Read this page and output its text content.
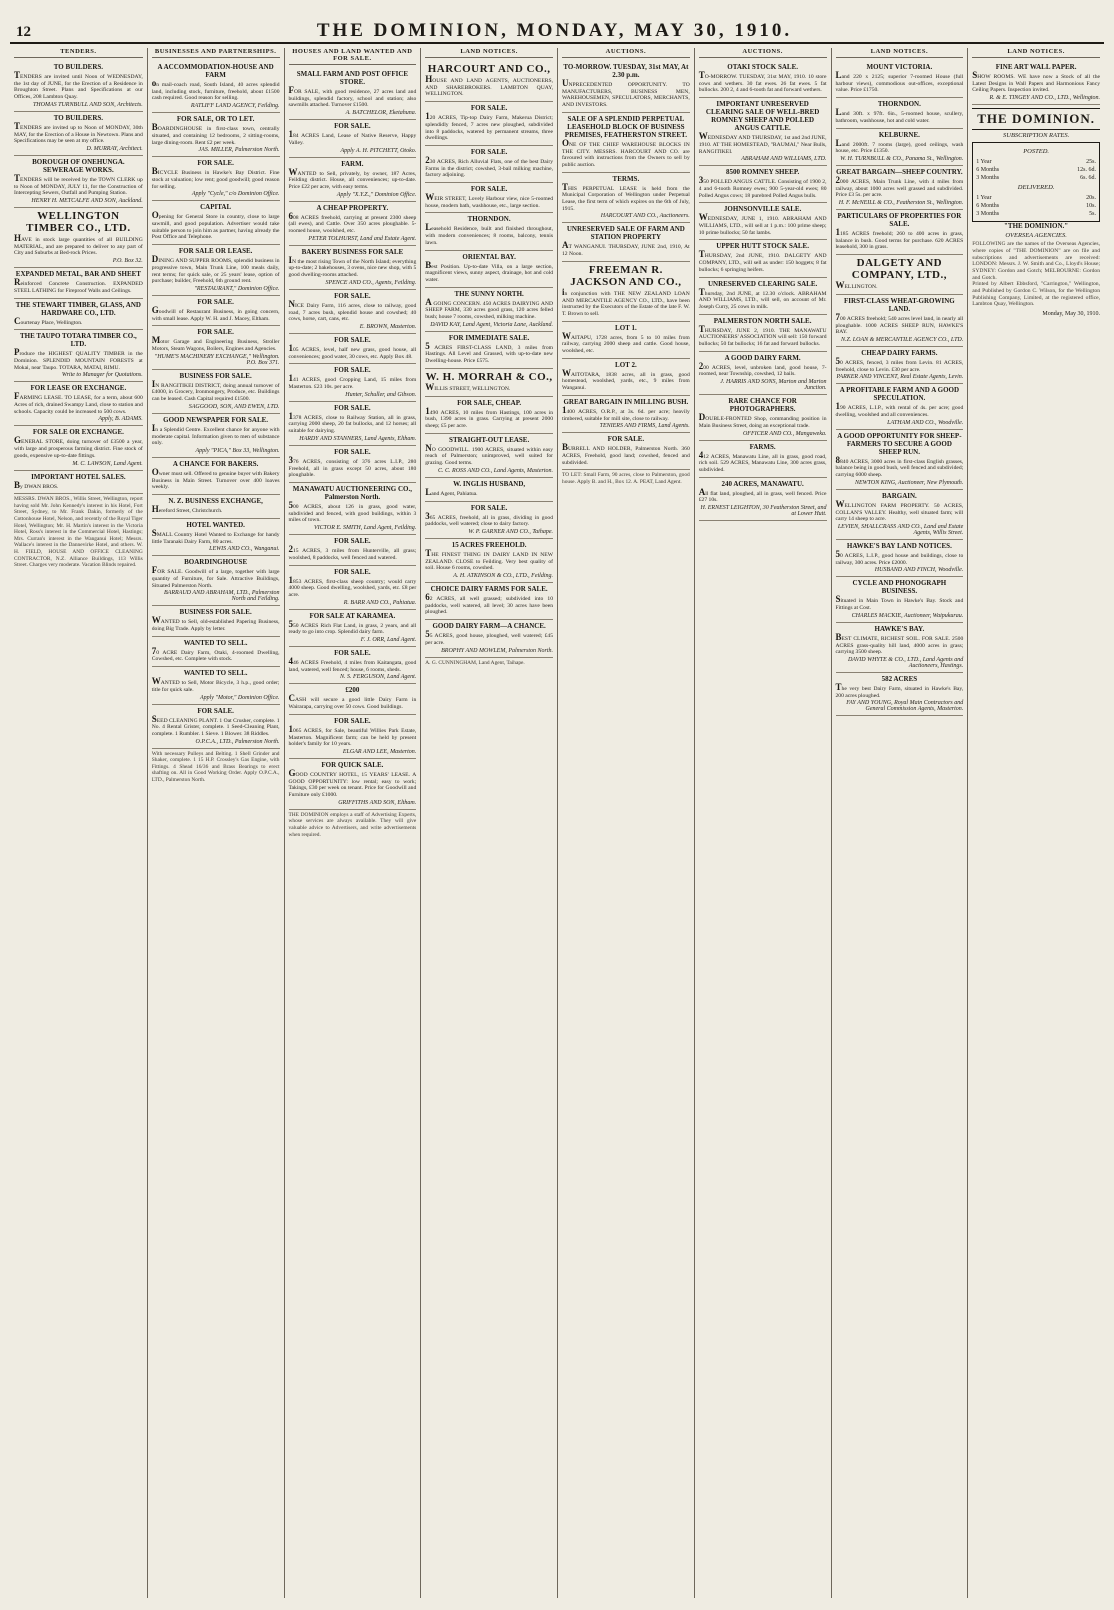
12	THE DOMINION, MONDAY, MAY 30, 1910.
TENDERS.
TO BUILDERS.
TENDERS are invited until Noon of WEDNESDAY, the 1st day of JUNE, for the Erection of a Residence in Broughton Street. Plans and Specifications at our Offices, 208 Lambton Quay.
THOMAS TURNBULL AND SON, Architects.
TO BUILDERS.
TENDERS are invited up to Noon of MONDAY, 30th MAY, for the Erection of a House in Newtown. Plans and Specifications may be seen at my office.
D. MURRAY, Architect.
BOROUGH OF ONEHUNGA. SEWERAGE WORKS.
TENDERS will be received by the TOWN CLERK up to Noon of MONDAY, JULY 11, for the Construction of Intercepting Sewers, Outfall and Pumping Station.
HENRY H. METCALFE AND SON, Auckland.
WELLINGTON TIMBER CO., LTD.
HAVE in stock large quantities of all BUILDING MATERIAL, and are prepared to deliver to any part of City and Suburbs at Bed-rock Prices.
P.O. Box 32.
EXPANDED METAL, BAR AND SHEET
Reinforced Concrete Construction. EXPANDED STEEL LATHING for Fireproof Walls and Ceilings.
THE STEWART TIMBER, GLASS, AND HARDWARE CO., LTD.
Courtenay Place, Wellington.
THE TAUPO TOTARA TIMBER CO., LTD.
Produce the HIGHEST QUALITY TIMBER in the Dominion. SPLENDID MOUNTAIN FORESTS at Mokai, near Taupo. TOTARA, MATAI, RIMU.
Write to Manager for Quotations.
FOR LEASE OR EXCHANGE.
FARMING LEASE. TO LEASE, for a term, about 600 Acres of rich, drained Swampy Land, close to station and schools. Capacity could be increased to 500 cows.
Apply, B. ADAMS.
FOR SALE OR EXCHANGE.
GENERAL STORE, doing turnover of £3500 a year, with large and prosperous farming district. Fine stock of goods, expensive up-to-date fittings.
M. C. LAWSON, Land Agent.
IMPORTANT HOTEL SALES.
By DWAN BROS.
MESSRS. DWAN BROS., Willis Street, Wellington, report having sold Mr. John Kennedy's interest in his Hotel, Fort Street, Sydney, to Mr. Frank Dakin, formerly of the Cottonhouse Hotel, Nelson, and recently of the Royal Tiger Hotel, Wellington; Mr. H. Martin's interest in the Victoria Hotel, Ross's interest in the Commercial Hotel, Hastings; Mrs. Curran's interest in the Wanganui Hotel; Messrs. Wallace's interest in the Dannevirke Hotel, and others. W. H. FIELD, HOUSE AND OFFICE CLEANING CONTRACTOR, N.Z. Alliance Buildings, 113 Willis Street. Charges very moderate. Vacation Blinds repaired.
BUSINESSES AND PARTNERSHIPS.
A ACCOMMODATION-HOUSE AND FARM
on mail-coach road, South Island, 40 acres splendid land, including stock, furniture, freehold, about £1500 cash required. Good reason for selling.
RATLIFF LAND AGENCY, Feilding.
FOR SALE, OR TO LET.
BOARDINGHOUSE in first-class town, centrally situated, and containing 12 bedrooms, 2 sitting-rooms, large dining-room. Rent £2 per week.
JAS. MILLER, Palmerston North.
FOR SALE.
BICYCLE Business in Hawke's Bay District. Fine stock at valuation; low rent; good goodwill; good reason for selling.
Apply "Cycle," c/o Dominion Office.
CAPITAL
Opening for General Store in country, close to large sawmill, and good population. Advertiser would take suitable person to join him as partner, having already the Post Office and Telephone.
FOR SALE OR LEASE.
DINING AND SUPPER ROOMS, splendid business in progressive town, Main Trunk Line, 100 meals daily, rent terms; for quick sale, or 25 years' lease, option of purchase; builder, Freehold, 6th ground rent.
"RESTAURANT," Dominion Office.
FOR SALE.
Goodwill of Restaurant Business, in going concern, with small lease. Apply W. H. and J. Macey, Eltham.
FOR SALE.
Motor Garage and Engineering Business, Stroller Motors, Steam Wagons, Boilers, Engines and Agencies.
"HUME'S MACHINERY EXCHANGE," Wellington. P.O. Box 371.
BUSINESS FOR SALE.
IN RANGITIKEI DISTRICT, doing annual turnover of £4000, in Grocery, Ironmongery, Produce, etc. Buildings can be leased. Cash Capital required £1500.
SAGGOOD, SON, AND EWEN, LTD.
GOOD NEWSPAPER FOR SALE.
In a Splendid Centre. Excellent chance for anyone with moderate capital. Information given to men of substance only.
Apply "PICA," Box 33, Wellington.
A CHANCE FOR BAKERS.
Owner must sell. Offered to genuine buyer with Bakery Business in Main Street. Turnover over 400 loaves weekly.
N. Z. BUSINESS EXCHANGE,
Hereford Street, Christchurch.
HOTEL WANTED.
SMALL Country Hotel Wanted to Exchange for handy little Taranaki Dairy Farm, 80 acres.
LEWIS AND CO., Wanganui.
BOARDINGHOUSE
FOR SALE. Goodwill of a large, together with large quantity of Furniture, for Sale. Attractive Buildings, Situated Palmerston North.
BARRAUD AND ABRAHAM, LTD., Palmerston North and Feilding.
BUSINESS FOR SALE.
WANTED to Sell, old-established Papering Business, doing Big Trade. Apply by letter.
WANTED TO SELL.
70 ACRE Dairy Farm, Otaki, 4-roomed Dwelling, Cowshed, etc. Complete with stock.
WANTED TO SELL.
WANTED to Sell, Motor Bicycle, 3 h.p., good order; title for quick sale.
Apply "Motor," Dominion Office.
FOR SALE.
SEED CLEANING PLANT. 1 Oat Crusher, complete. 1 No. 4 Rental Grister, complete. 1 Seed-Cleaning Plant, complete. 1 Rumbler. 1 Sieve. 1 Blower. 38 Riddles.
O.P.C.A., LTD., Palmerston North.
With necessary Pulleys and Belting. 1 Shell Grinder and Shaker, complete. 1 15 H.P. Crossley's Gas Engine, with Fittings. 4 Shead 16/36 and Brass Bearings to erect shafting on. All in Good Working Order. Apply O.P.C.A., LTD., Palmerston North.
HOUSES AND LAND WANTED AND FOR SALE.
SMALL FARM AND POST OFFICE STORE.
FOR SALE, with good residence, 27 acres land and buildings, splendid factory, school and station; also sawmills attached. Turnover £1500.
A. BATCHELOR, Eketahuna.
FOR SALE.
184 ACRES Land, Lease of Native Reserve, Happy Valley.
Apply A. H. PITCHETT, Otoko.
FARM.
WANTED to Sell, privately, by owner, 187 Acres, Feilding district. House, all conveniences; up-to-date. Price £22 per acre, with easy terms.
Apply "X.Y.Z.," Dominion Office.
A CHEAP PROPERTY.
608 ACRES freehold, carrying at present 2300 sheep (all ewes), and Cattle. Over 350 acres ploughable. 5-roomed house, woolshed, etc.
PETER TOLHURST, Land and Estate Agent.
BAKERY BUSINESS FOR SALE
IN the most rising Town of the North Island; everything up-to-date; 2 bakehouses, 3 ovens, nice new shop, with 5 good dwelling-rooms attached.
SPENCE AND CO., Agents, Feilding.
FOR SALE.
NICE Dairy Farm, 116 acres, close to railway, good road, 7 acres bush, splendid house and cowshed; 40 cows, horse, cart, cans, etc.
E. BROWN, Masterton.
FOR SALE.
105 ACRES, level, half new grass, good house, all conveniences; good water, 30 cows, etc. Apply Box 48.
FOR SALE.
141 ACRES, good Cropping Land, 15 miles from Masterton. £23 10s. per acre.
Hunter, Schuller, and Gibson.
FOR SALE.
1378 ACRES, close to Railway Station, all in grass, carrying 2000 sheep, 20 fat bullocks, and 12 horses; all suitable for dairying.
HARDY AND STANNERS, Land Agents, Eltham.
FOR SALE.
376 ACRES, consisting of 376 acres L.I.P., 280 Freehold, all in grass except 50 acres, about 180 ploughable.
MANAWATU AUCTIONEERING CO., Palmerston North.
500 ACRES, about 126 in grass, good water, subdivided and fenced, with good buildings, within 3 miles of town.
VICTOR E. SMITH, Land Agent, Feilding.
FOR SALE.
215 ACRES, 3 miles from Hunterville, all grass; woolshed, 8 paddocks, well fenced and watered.
FOR SALE.
1853 ACRES, first-class sheep country; would carry 4000 sheep. Good dwelling, woolshed, yards, etc. £8 per acre.
R. BARR AND CO., Pahiatua.
FOR SALE AT KARAMEA.
550 ACRES Rich Flat Land, in grass, 2 years, and all ready to go into crop. Splendid dairy farm.
F. J. ORR, Land Agent.
FOR SALE.
446 ACRES Freehold, 4 miles from Kaitangata, good land, watered, well fenced; house, 6 rooms, sheds.
N. S. FERGUSON, Land Agent.
£200
CASH will secure a good little Dairy Farm in Wairarapa, carrying over 50 cows. Good buildings.
FOR SALE.
1065 ACRES, for Sale, beautiful Willies Park Estate, Masterton. Magnificent farm; can be held by present holder's family for 10 years.
ELGAR AND LEE, Masterton.
FOR QUICK SALE.
GOOD COUNTRY HOTEL, 15 YEARS' LEASE. A GOOD OPPORTUNITY: low rental; easy to work; Takings, £30 per week on tenant. Price for Goodwill and Furniture only £1000.
GRIFFITHS AND SON, Eltham.
THE DOMINION employs a staff of Advertising Experts, whose services are always available. They will give valuable advice to Advertisers, and write advertisements when required.
LAND NOTICES.
HARCOURT AND CO.,
HOUSE AND LAND AGENTS, AUCTIONEERS, AND SHAREBROKERS. LAMBTON QUAY, WELLINGTON.
FOR SALE.
120 ACRES, Tip-top Dairy Farm, Makerua District; splendidly fenced, 7 acres new ploughed, subdivided into 8 paddocks, watered by permanent streams, three dwellings.
FOR SALE.
230 ACRES, Rich Alluvial Flats, one of the best Dairy Farms in the district; cowshed, 3-bail milking machine, factory adjoining.
FOR SALE.
WEIR STREET, Lovely Harbour view, nice 5-roomed house, modern bath, washhouse, etc., large section.
THORNDON.
Leasehold Residence, built and finished throughout, with modern conveniences; 8 rooms, balcony, tennis lawn.
ORIENTAL BAY.
Best Position. Up-to-date Villa, on a large section, magnificent views, sunny aspect, drainage, hot and cold water.
THE SUNNY NORTH.
A GOING CONCERN. 450 ACRES DAIRYING AND SHEEP FARM, 330 acres good grass, 120 acres felled bush; house 7 rooms, cowshed, milking machine.
DAVID KAY, Land Agent, Victoria Lane, Auckland.
FOR IMMEDIATE SALE.
5 ACRES FIRST-CLASS LAND, 3 miles from Hastings. All Level and Grassed, with up-to-date new Dwelling-house. Price £575.
W. H. MORRAH & CO.,
WILLIS STREET, WELLINGTON.
FOR SALE, CHEAP.
1490 ACRES, 10 miles from Hastings, 100 acres in bush, 1390 acres in grass. Carrying at present 2000 sheep; £5 per acre.
STRAIGHT-OUT LEASE.
NO GOODWILL. 1900 ACRES, situated within easy reach of Palmerston; unimproved, well suited for grazing. Good terms.
C. C. ROSS AND CO., Land Agents, Masterton.
W. INGLIS HUSBAND,
Land Agent, Pahiatua.
FOR SALE.
365 ACRES, freehold, all in grass, dividing in good paddocks, well watered; close to dairy factory.
W. P. GARNER AND CO., Taihape.
15 ACRES FREEHOLD.
THE FINEST THING IN DAIRY LAND IN NEW ZEALAND. CLOSE to Feilding. Very best quality of soil. House 6 rooms, cowshed.
A. H. ATKINSON & CO., LTD., Feilding.
CHOICE DAIRY FARMS FOR SALE.
62 ACRES, all well grassed; subdivided into 10 paddocks, well watered, all level; 30 acres have been ploughed.
GOOD DAIRY FARM—A CHANCE.
55 ACRES, good house, ploughed, well watered; £45 per acre.
BROPHY AND MOWLEM, Palmerston North.
A. G. CUNNINGHAM, Land Agent, Taihape.
AUCTIONS.
TO-MORROW. TUESDAY, 31st MAY, At 2.30 p.m.
UNPRECEDENTED OPPORTUNITY. TO MANUFACTURERS, BUSINESS MEN, WAREHOUSEMEN, SPECULATORS, MERCHANTS, AND INVESTORS.
SALE OF A SPLENDID PERPETUAL LEASEHOLD BLOCK OF BUSINESS PREMISES, FEATHERSTON STREET.
ONE OF THE CHIEF WAREHOUSE BLOCKS IN THE CITY. MESSRS. HARCOURT AND CO. are favoured with instructions from the Owners to sell by public auction.
TERMS.
THIS PERPETUAL LEASE is held from the Municipal Corporation of Wellington under Perpetual Lease, the first term of which expires on the 6th of July, 1915.
HARCOURT AND CO., Auctioneers.
UNRESERVED SALE OF FARM AND STATION PROPERTY
AT WANGANUI. THURSDAY, JUNE 2nd, 1910, At 12 Noon.
FREEMAN R. JACKSON AND CO.,
in conjunction with THE NEW ZEALAND LOAN AND MERCANTILE AGENCY CO., LTD., have been instructed by the Executors of the Estate of the late F. W. T. Brown to sell.
LOT 1.
WAITAPU, 1728 acres, from 5 to 10 miles from railway, carrying 2000 sheep and cattle. Good house, woolshed, etc.
LOT 2.
WAITOTARA, 1838 acres, all in grass, good homestead, woolshed, yards, etc., 9 miles from Wanganui.
GREAT BARGAIN IN MILLING BUSH.
1400 ACRES, O.R.P., at 3s. 6d. per acre; heavily timbered, suitable for mill site, close to railway.
TENIERS AND FIRMS, Land Agents.
FOR SALE.
BURRELL AND HOLDER, Palmerston North. 360 ACRES, Freehold, good land; cowshed, fenced and subdivided.
TO LET: Small Farm, 90 acres, close to Palmerston, good house. Apply B. and H., Box 12. A. PEAT, Land Agent.
AUCTIONS.
OTAKI STOCK SALE.
TO-MORROW. TUESDAY, 31st MAY, 1910. 10 store cows and wethers. 30 fat ewes. 26 fat ewes. 5 fat bullocks. 200 2, 4 and 6-tooth fat and forward wethers.
IMPORTANT UNRESERVED CLEARING SALE OF WELL-BRED ROMNEY SHEEP AND POLLED ANGUS CATTLE.
WEDNESDAY AND THURSDAY, 1st and 2nd JUNE, 1910. AT THE HOMESTEAD, "RAUMAI," Near Bulls, RANGITIKEI.
ABRAHAM AND WILLIAMS, LTD.
8500 ROMNEY SHEEP.
350 POLLED ANGUS CATTLE. Consisting of 1900 2, 4 and 6-tooth Romney ewes; 900 5-year-old ewes; 80 Polled Angus cows; 18 purebred Polled Angus bulls.
JOHNSONVILLE SALE.
WEDNESDAY, JUNE 1, 1910. ABRAHAM AND WILLIAMS, LTD., will sell at 1 p.m.: 100 prime sheep; 10 prime bullocks; 50 fat lambs.
UPPER HUTT STOCK SALE.
THURSDAY, 2nd JUNE, 1910. DALGETY AND COMPANY, LTD., will sell as under: 150 hoggets; 8 fat bullocks; 6 springing heifers.
UNRESERVED CLEARING SALE.
Thursday, 2nd JUNE, at 12.30 o'clock. ABRAHAM AND WILLIAMS, LTD., will sell, on account of Mr. Joseph Curry, 25 cows in milk.
PALMERSTON NORTH SALE.
THURSDAY, JUNE 2, 1910. THE MANAWATU AUCTIONEERS' ASSOCIATION will sell: 150 forward bullocks; 50 fat bullocks; 16 fat and forward bullocks.
A GOOD DAIRY FARM.
200 ACRES, level, unbroken land, good house, 7-roomed, near Township, cowshed, 12 bails.
J. HARRIS AND SONS, Marton and Marton Junction.
RARE CHANCE FOR PHOTOGRAPHERS.
DOUBLE-FRONTED Shop, commanding position in Main Business Street, doing an exceptional trade.
OFFICER AND CO., Mangaweka.
FARMS.
412 ACRES, Manawatu Line, all in grass, good road, rich soil. 529 ACRES, Manawatu Line, 300 acres grass, subdivided.
240 ACRES, MANAWATU.
All flat land, ploughed, all in grass, well fenced. Price £27 10s.
H. ERNEST LEIGHTON, 30 Featherston Street, and at Lower Hutt.
LAND NOTICES.
MOUNT VICTORIA.
Land 220 x 2125; superior 7-roomed House (full harbour views), commodious out-offices, exceptional value. Price £1750.
THORNDON.
Land 30ft. x 97ft. 6in., 5-roomed house, scullery, bathroom, washhouse, hot and cold water.
KELBURNE.
Land 2000ft. 7 rooms (large), good ceilings, wash house, etc. Price £1350.
W. H. TURNBULL & CO., Panama St., Wellington.
GREAT BARGAIN—SHEEP COUNTRY.
2000 ACRES, Main Trunk Line, with 4 miles from railway, about 1000 acres well grassed and subdivided. Price £3 5s. per acre.
H. F. McNEILL & CO., Featherston St., Wellington.
PARTICULARS OF PROPERTIES FOR SALE.
1185 ACRES freehold; 260 to 400 acres in grass, balance in bush. Good terms for purchase. 620 ACRES leasehold, 300 in grass.
DALGETY AND COMPANY, LTD.,
WELLINGTON.
FIRST-CLASS WHEAT-GROWING LAND.
700 ACRES freehold; 540 acres level land, in nearly all ploughable. 1000 ACRES SHEEP RUN, HAWKE'S BAY.
N.Z. LOAN & MERCANTILE AGENCY CO., LTD.
CHEAP DAIRY FARMS.
50 ACRES, fenced, 3 miles from Levin. 81 ACRES, freehold, close to Levin. £30 per acre.
PARKER AND VINCENT, Real Estate Agents, Levin.
A PROFITABLE FARM AND A GOOD SPECULATION.
190 ACRES, L.I.P., with rental of 4s. per acre; good dwelling, woolshed and all conveniences.
LATHAM AND CO., Woodville.
A GOOD OPPORTUNITY FOR SHEEP-FARMERS TO SECURE A GOOD SHEEP RUN.
8840 ACRES, 3000 acres in first-class English grasses, balance being in good bush, well fenced and subdivided; carrying 6000 sheep.
NEWTON KING, Auctioneer, New Plymouth.
BARGAIN.
WELLINGTON FARM PROPERTY. 50 ACRES, COLLAN'S VALLEY. Healthy, well situated farm; will carry 14 sheep to acre.
LEVIEN, SHALLCRASS AND CO., Land and Estate Agents, Willis Street.
HAWKE'S BAY LAND NOTICES.
50 ACRES, L.I.P., good house and buildings, close to railway, 300 acres. Price £2000.
HUSBAND AND FINCH, Woodville.
CYCLE AND PHONOGRAPH BUSINESS.
Situated in Main Town in Hawke's Bay. Stock and Fittings at Cost.
CHARLES MACKIE, Auctioneer, Waipukurau.
HAWKE'S BAY.
BEST CLIMATE, RICHEST SOIL. FOR SALE. 2500 ACRES grass-quality hill land, 4000 acres in grass; carrying 3500 sheep.
DAVID WHYTE & CO., LTD., Land Agents and Auctioneers, Hastings.
582 ACRES
The very best Dairy Farm, situated in Hawke's Bay, 200 acres ploughed.
FAY AND YOUNG, Royal Main Contractors and General Commission Agents, Masterton.
LAND NOTICES.
FINE ART WALL PAPER.
SHOW ROOMS. WE have now a Stock of all the Latest Designs in Wall Papers and Harmonious Fancy Ceiling Papers. Inspection invited.
R. & E. TINGEY AND CO., LTD., Wellington.
THE DOMINION.
SUBSCRIPTION RATES.
POSTED.
1 Year	25s.
6 Months	12s. 6d.
3 Months	6s. 6d.
DELIVERED.
1 Year	20s.
6 Months	10s.
3 Months	5s.
"THE DOMINION."
OVERSEA AGENCIES.
FOLLOWING are the names of the Overseas Agencies, where copies of "THE DOMINION" are on file and subscriptions and advertisements are received: LONDON: Messrs. J. W. Smith and Co., Lloyd's House; SYDNEY: Gordon and Gotch; MELBOURNE: Gordon and Gotch.
Printed by Albert Ebbsford, "Carrington," Wellington, and Published by Gordon C. Wilson, for the Wellington Publishing Company, Limited, at the registered office, Lambton Quay, Wellington.
Monday, May 30, 1910.
